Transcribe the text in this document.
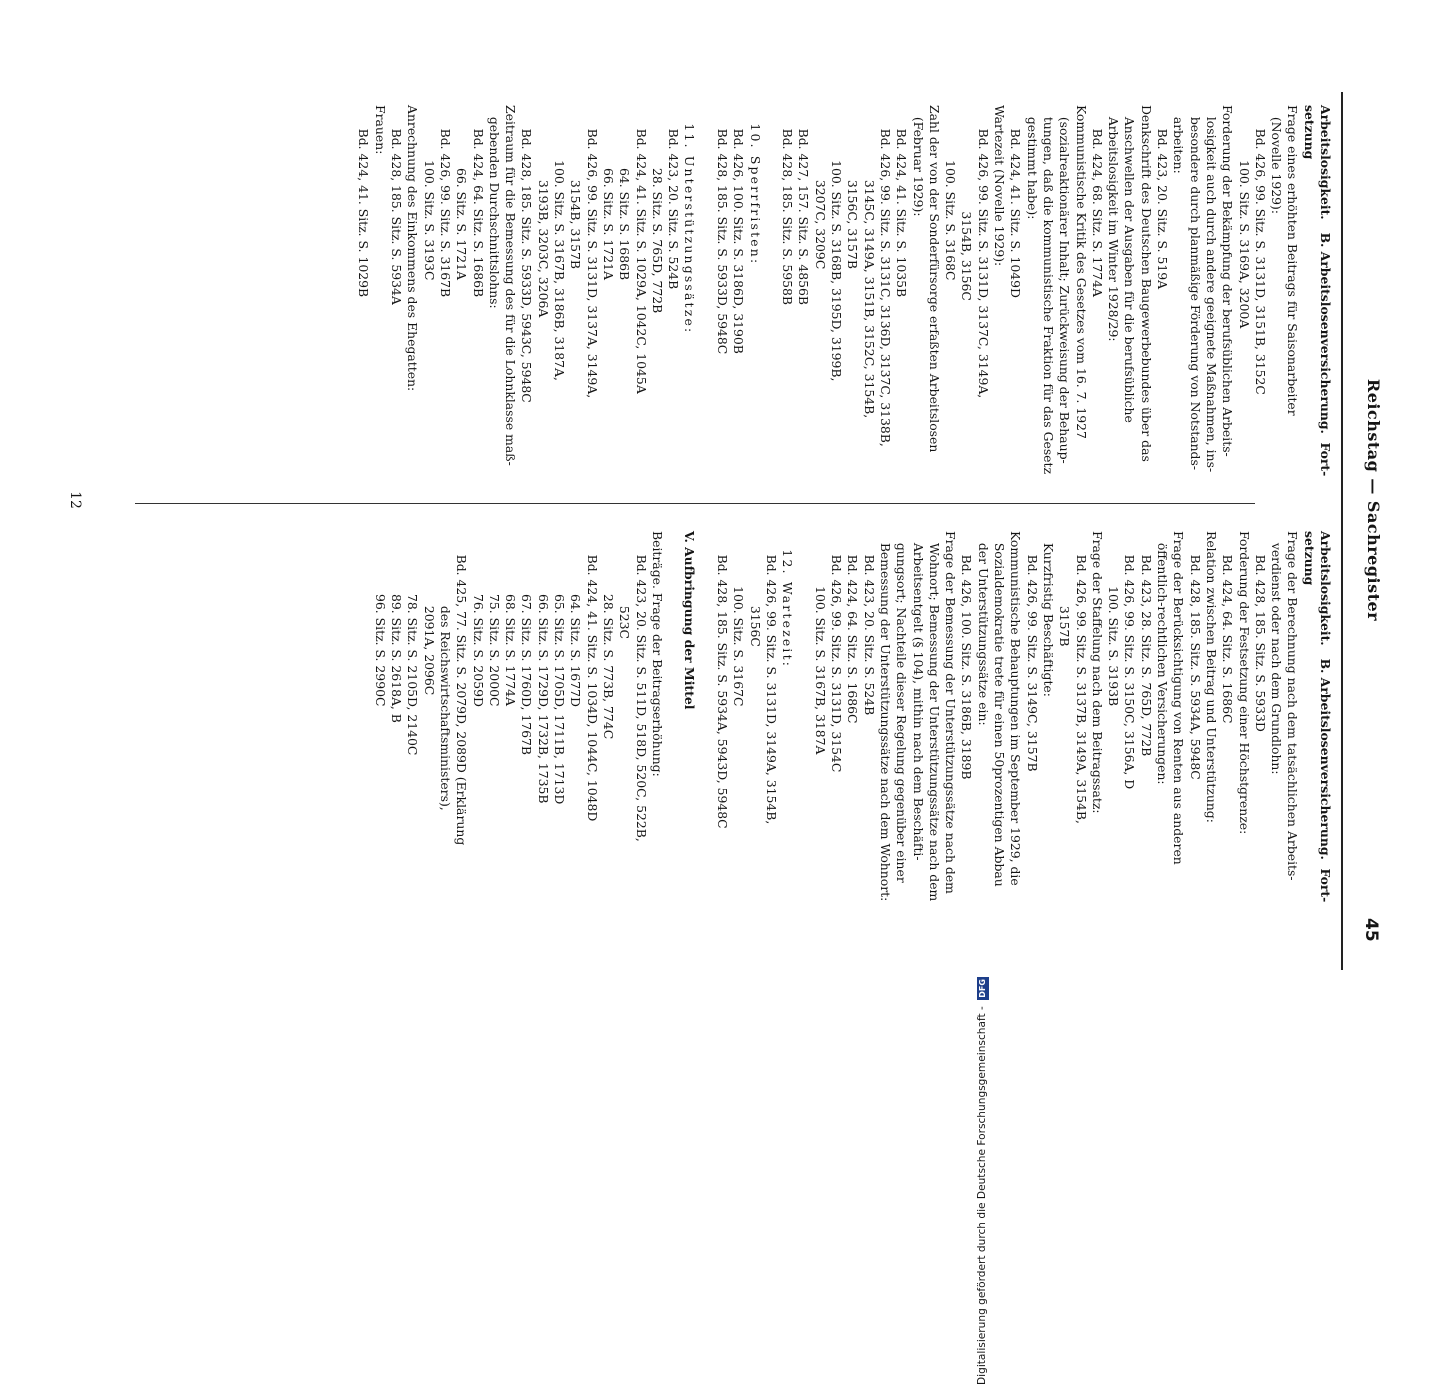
Reichstag — Sachregister
45
Arbeitslosigkeit.   B. Arbeitslosenversicherung.  Fort-
setzung
Frage eines erhöhten Beitrags für Saisonarbeiter
(Novelle 1929):
Bd. 426, 99. Sitz. S. 3131D, 3151B, 3152C
100. Sitz. S. 3169A, 3200A
Forderung der Bekämpfung der berufsüblichen Arbeits-
losigkeit auch durch andere geeignete Maßnahmen, ins-
besondere durch planmäßige Förderung von Notstands-
arbeiten:
Bd. 423, 20. Sitz. S. 519A
Denkschrift des Deutschen Baugewerbebundes über das
Anschwellen der Ausgaben für die berufsübliche
Arbeitslosigkeit im Winter 1928/29:
Bd. 424, 68. Sitz. S. 1774A
Kommunistische Kritik des Gesetzes vom 16. 7. 1927
(sozialreaktionärer Inhalt; Zurückweisung der Behaup-
tungen, daß die kommunistische Fraktion für das Gesetz
gestimmt habe):
Bd. 424, 41. Sitz. S. 1049D
Wartezeit (Novelle 1929):
Bd. 426, 99. Sitz. S. 3131D, 3137C, 3149A,
3154B, 3156C
100. Sitz. S. 3168C
Zahl der von der Sonderfürsorge erfaßten Arbeitslosen
(Februar 1929):
Bd. 424, 41. Sitz. S. 1035B
Bd. 426, 99. Sitz. S. 3131C, 3136D, 3137C, 3138B,
3145C, 3149A, 3151B, 3152C, 3154B,
3156C, 3157B
100. Sitz. S. 3168B, 3195D, 3199B,
3207C, 3209C
Bd. 427, 157. Sitz. S. 4856B
Bd. 428, 185. Sitz. S. 5958B
10. Sperrfristen:
Bd. 426, 100. Sitz. S. 3186D, 3190B
Bd. 428, 185. Sitz. S. 5933D, 5948C
11. Unterstützungssätze:
Bd. 423, 20. Sitz. S. 524B
28. Sitz. S. 765D, 772B
Bd. 424, 41. Sitz. S. 1029A, 1042C, 1045A
64. Sitz. S. 1686B
66. Sitz. S. 1721A
Bd. 426, 99. Sitz. S. 3131D, 3137A, 3149A,
3154B, 3157B
100. Sitz. S. 3167B, 3186B, 3187A,
3193B, 3203C, 3206A
Bd. 428, 185. Sitz. S. 5933D, 5943C, 5948C
Zeitraum für die Bemessung des für die Lohnklasse maß-
gebenden Durchschnittslohns:
Bd. 424, 64. Sitz. S. 1686B
66. Sitz. S. 1721A
Bd. 426, 99. Sitz. S. 3167B
100. Sitz. S. 3193C
Anrechnung des Einkommens des Ehegatten:
Bd. 428, 185. Sitz. S. 5934A
Frauen:
Bd. 424, 41. Sitz. S. 1029B
Arbeitslosigkeit.   B. Arbeitslosenversicherung.  Fort-
setzung
Frage der Berechnung nach dem tatsächlichen Arbeits-
verdienst oder nach dem Grundlohn:
Bd. 428, 185. Sitz. S. 5933D
Forderung der Festsetzung einer Höchstgrenze:
Bd. 424, 64. Sitz. S. 1686C
Relation zwischen Beitrag und Unterstützung:
Bd. 428, 185. Sitz. S. 5934A, 5948C
Frage der Berücksichtigung von Renten aus anderen
öffentlich-rechtlichen Versicherungen:
Bd. 423, 28. Sitz. S. 765D, 772B
Bd. 426, 99. Sitz. S. 3150C, 3156A, D
100. Sitz. S. 3193B
Frage der Staffelung nach dem Beitragssatz:
Bd. 426, 99. Sitz. S. 3137B, 3149A, 3154B,
3157B
Kurzfristig Beschäftigte:
Bd. 426, 99. Sitz. S. 3149C, 3157B
Kommunistische Behauptungen im September 1929, die
Sozialdemokratie trete für einen 50prozentigen Abbau
der Unterstützungssätze ein:
Bd. 426, 100. Sitz. S. 3186B, 3189B
Frage der Bemessung der Unterstützungssätze nach dem
Wohnort; Bemessung der Unterstützungssätze nach dem
Arbeitsentgelt (§ 104), mithin nach dem Beschäfti-
gungsort; Nachteile dieser Regelung gegenüber einer
Bemessung der Unterstützungssätze nach dem Wohnort:
Bd. 423, 20. Sitz. S. 524B
Bd. 424, 64. Sitz. S. 1686C
Bd. 426, 99. Sitz. S. 3131D, 3154C
100. Sitz. S. 3167B, 3187A
12. Wartezeit:
Bd. 426, 99. Sitz. S. 3131D, 3149A, 3154B,
3156C
100. Sitz. S. 3167C
Bd. 428, 185. Sitz. S. 5934A, 5943D, 5948C
V. Aufbringung der Mittel
Beiträge. Frage der Beitragserhöhung:
Bd. 423, 20. Sitz. S. 511D, 518D, 520C, 522B,
523C
28. Sitz. S. 773B, 774C
Bd. 424, 41. Sitz. S. 1034D, 1044C, 1048D
64. Sitz. S. 1677D
65. Sitz. S. 1705D, 1711B, 1713D
66. Sitz. S. 1729D, 1732B, 1735B
67. Sitz. S. 1760D, 1767B
68. Sitz. S. 1774A
75. Sitz. S. 2000C
76. Sitz. S. 2059D
Bd. 425, 77. Sitz. S. 2079D, 2089D (Erklärung
des Reichswirtschaftsministers),
2091A, 2096C
78. Sitz. S. 2105D, 2140C
89. Sitz. S. 2618A, B
96. Sitz. S. 2990C
12
Digitalisierung gefördert durch die Deutsche Forschungsgemeinschaft - DFG
